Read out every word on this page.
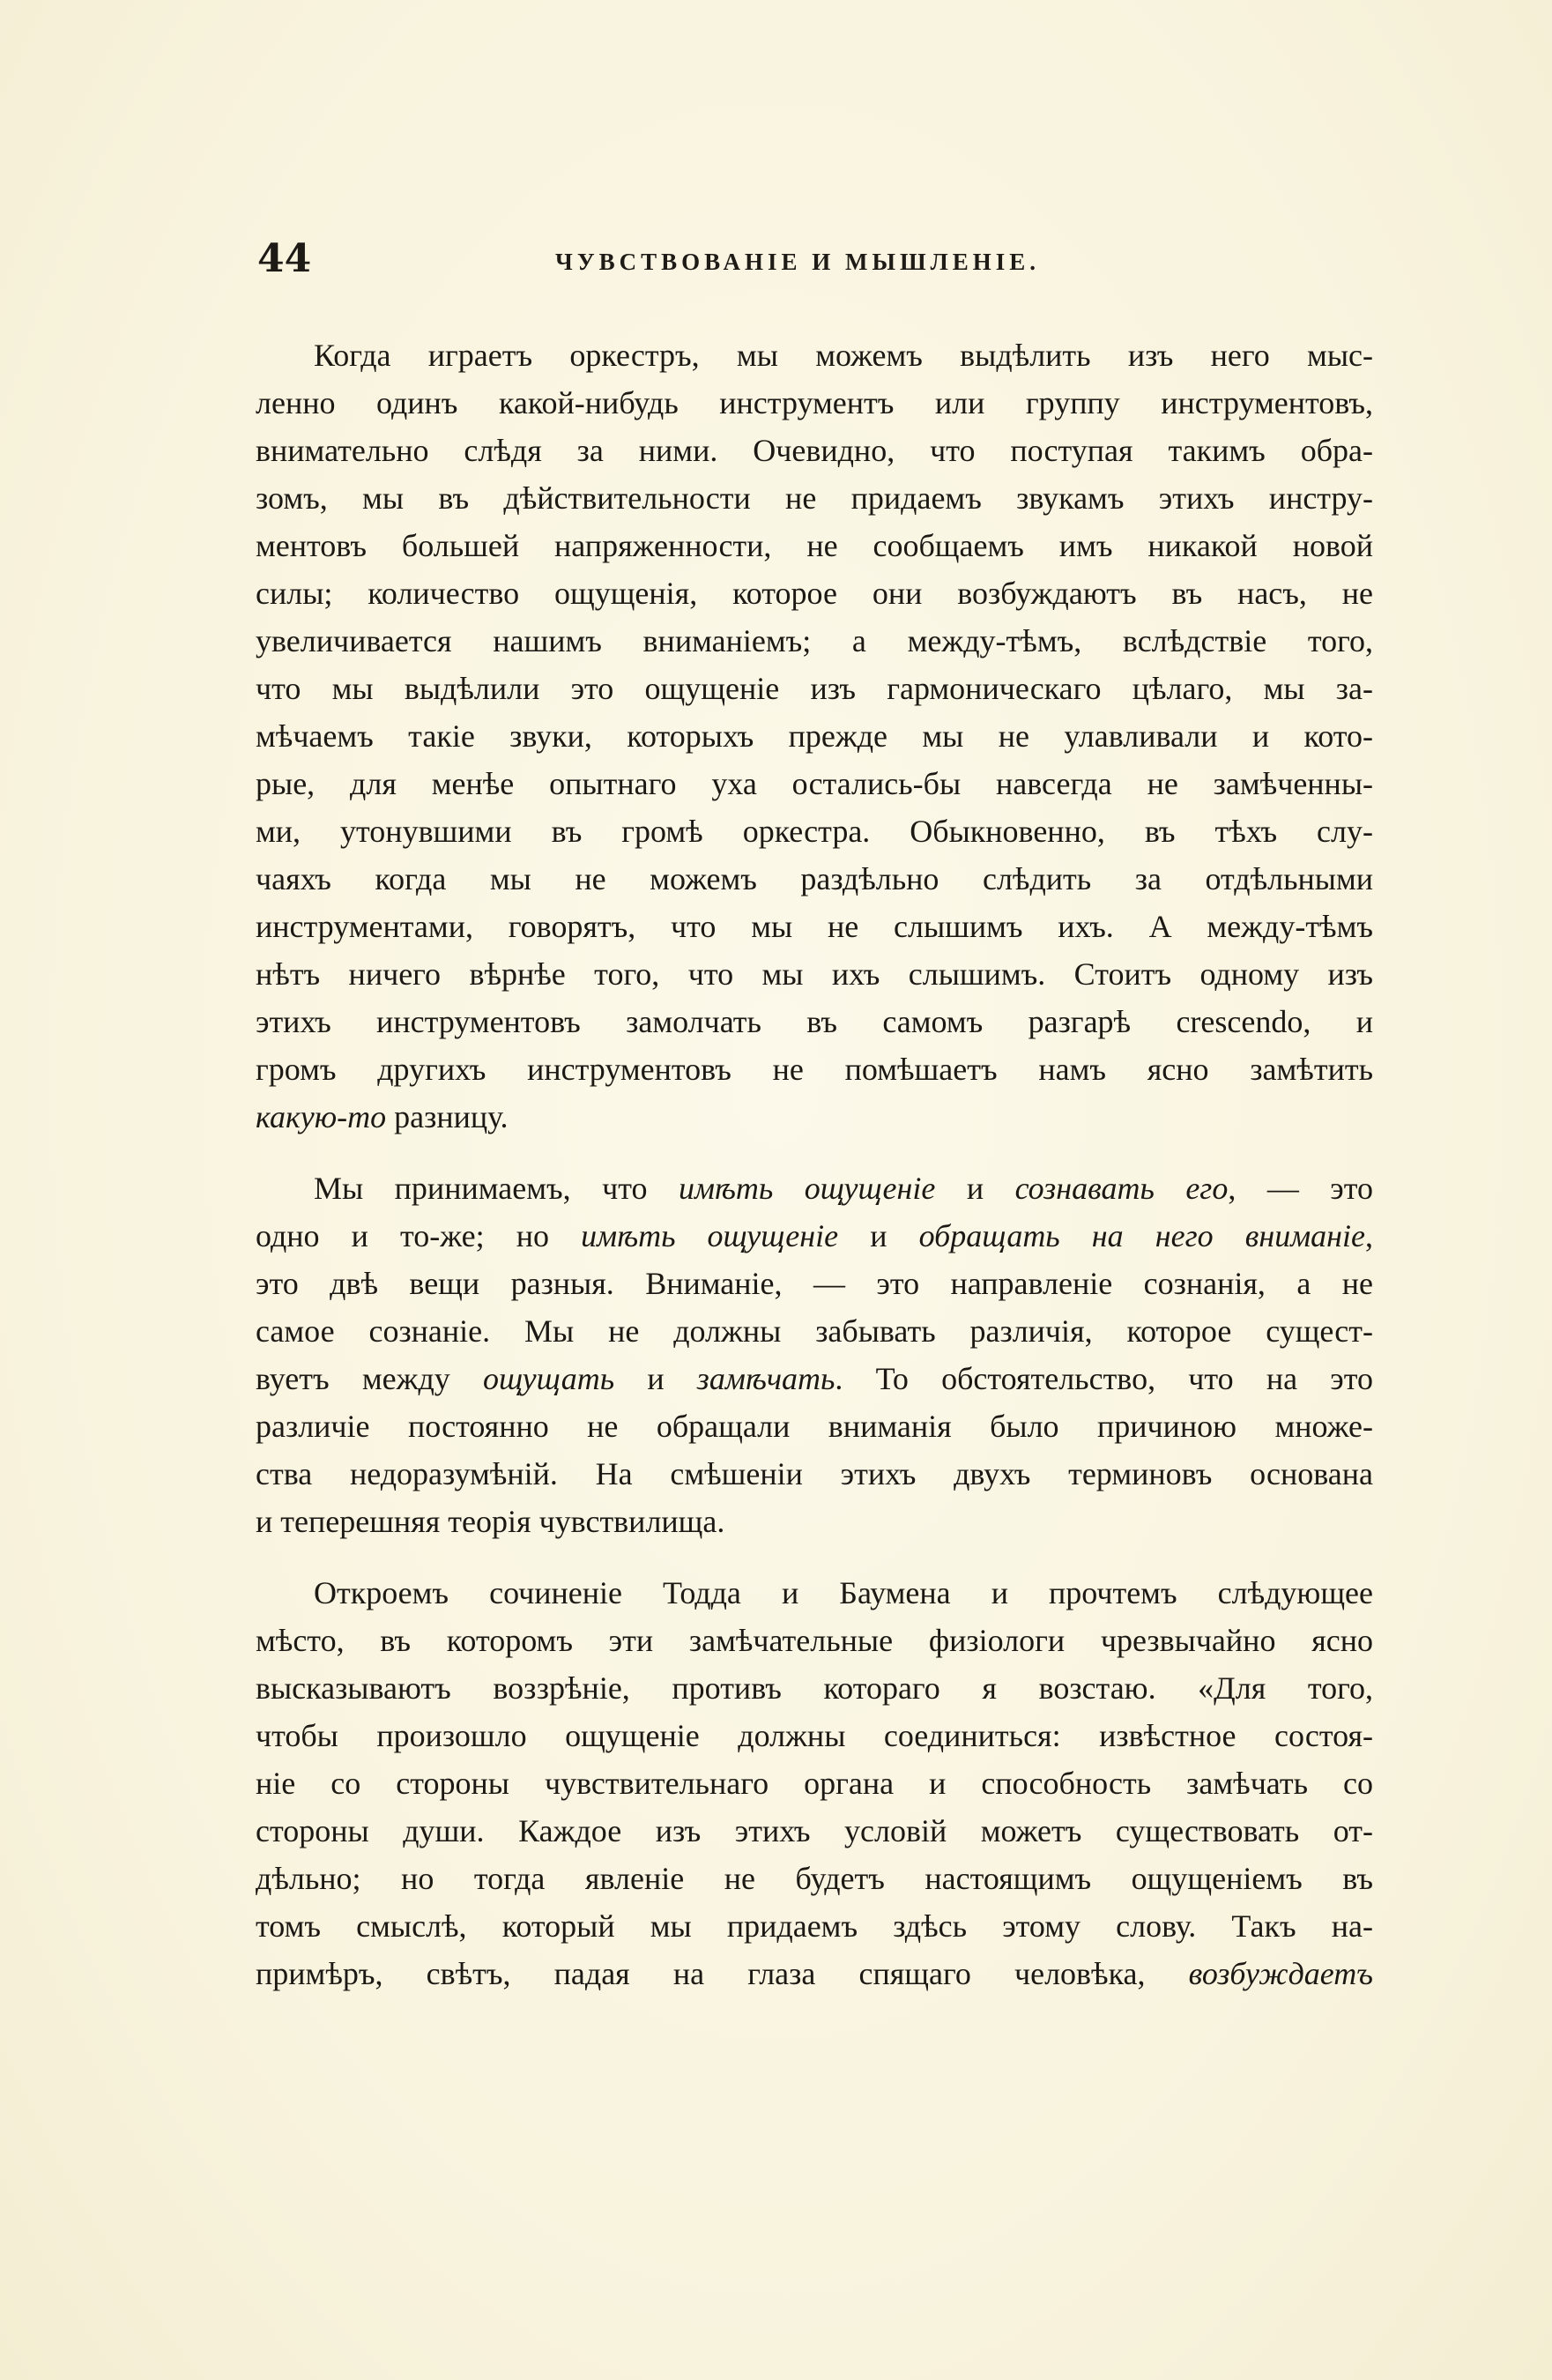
44	ЧУВСТВОВАНІЕ И МЫШЛЕНІЕ.
Когда играетъ оркестръ, мы можемъ выдѣлить изъ него мыс-
ленно одинъ какой-нибудь инструментъ или группу инструментовъ,
внимательно слѣдя за ними. Очевидно, что поступая такимъ обра-
зомъ, мы въ дѣйствительности не придаемъ звукамъ этихъ инстру-
ментовъ большей напряженности, не сообщаемъ имъ никакой новой
силы; количество ощущенія, которое они возбуждаютъ въ насъ, не
увеличивается нашимъ вниманіемъ; а между-тѣмъ, вслѣдствіе того,
что мы выдѣлили это ощущеніе изъ гармоническаго цѣлаго, мы за-
мѣчаемъ такіе звуки, которыхъ прежде мы не улавливали и кото-
рые, для менѣе опытнаго уха остались-бы навсегда не замѣченны-
ми, утонувшими въ громѣ оркестра. Обыкновенно, въ тѣхъ слу-
чаяхъ когда мы не можемъ раздѣльно слѣдить за отдѣльными
инструментами, говорятъ, что мы не слышимъ ихъ. А между-тѣмъ
нѣтъ ничего вѣрнѣе того, что мы ихъ слышимъ. Стоитъ одному изъ
этихъ инструментовъ замолчать въ самомъ разгарѣ crescendo, и
громъ другихъ инструментовъ не помѣшаетъ намъ ясно замѣтить
какую-то разницу.
Мы принимаемъ, что имѣть ощущеніе и сознавать его, — это
одно и то-же; но имѣть ощущеніе и обращать на него вниманіе,
это двѣ вещи разныя. Вниманіе, — это направленіе сознанія, а не
самое сознаніе. Мы не должны забывать различія, которое сущест-
вуетъ между ощущать и замѣчать. То обстоятельство, что на это
различіе постоянно не обращали вниманія было причиною множе-
ства недоразумѣній. На смѣшеніи этихъ двухъ терминовъ основана
и теперешняя теорія чувствилища.
Откроемъ сочиненіе Тодда и Баумена и прочтемъ слѣдующее
мѣсто, въ которомъ эти замѣчательные физіологи чрезвычайно ясно
высказываютъ воззрѣніе, противъ котораго я возстаю. «Для того,
чтобы произошло ощущеніе должны соединиться: извѣстное состоя-
ніе со стороны чувствительнаго органа и способность замѣчать со
стороны души. Каждое изъ этихъ условій можетъ существовать от-
дѣльно; но тогда явленіе не будетъ настоящимъ ощущеніемъ въ
томъ смыслѣ, который мы придаемъ здѣсь этому слову. Такъ на-
примѣръ, свѣтъ, падая на глаза спящаго человѣка, возбуждаетъ
